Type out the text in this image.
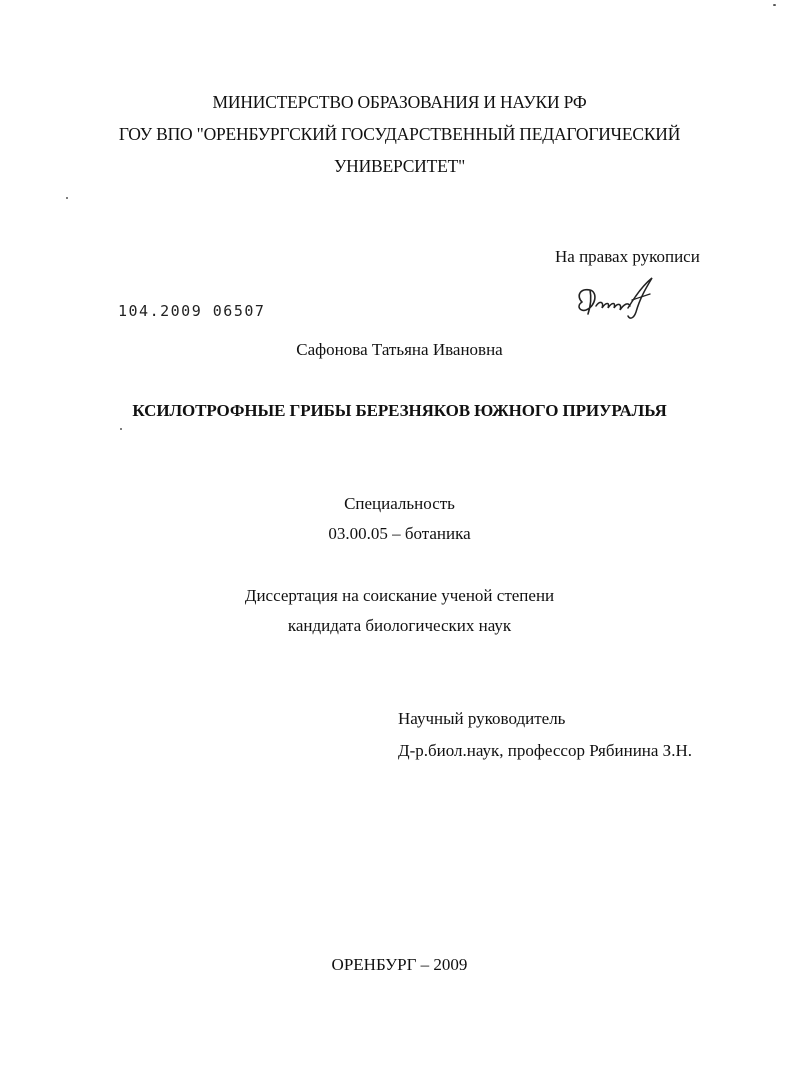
МИНИСТЕРСТВО ОБРАЗОВАНИЯ И НАУКИ РФ
ГОУ ВПО "ОРЕНБУРГСКИЙ ГОСУДАРСТВЕННЫЙ ПЕДАГОГИЧЕСКИЙ
УНИВЕРСИТЕТ"
На правах рукописи
104.2009 06507
Сафонова Татьяна Ивановна
КСИЛОТРОФНЫЕ ГРИБЫ БЕРЕЗНЯКОВ ЮЖНОГО ПРИУРАЛЬЯ
Специальность
03.00.05 – ботаника
Диссертация на соискание ученой степени
кандидата биологических наук
Научный руководитель
Д-р.биол.наук, профессор Рябинина З.Н.
ОРЕНБУРГ – 2009
